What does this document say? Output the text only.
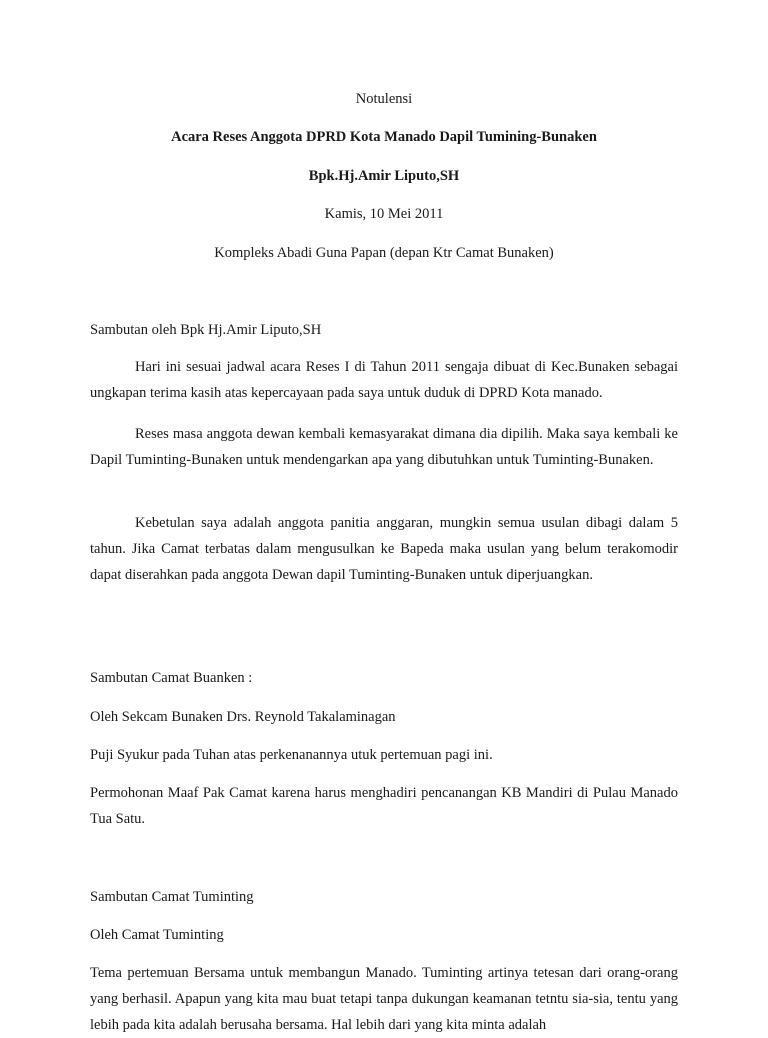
Notulensi
Acara Reses Anggota DPRD Kota Manado Dapil Tumining-Bunaken
Bpk.Hj.Amir Liputo,SH
Kamis, 10 Mei 2011
Kompleks Abadi Guna Papan (depan Ktr Camat Bunaken)
Sambutan oleh Bpk Hj.Amir Liputo,SH

Hari ini sesuai jadwal acara Reses I di Tahun 2011 sengaja dibuat di Kec.Bunaken sebagai ungkapan terima kasih atas kepercayaan pada saya untuk duduk di DPRD Kota manado.

Reses masa anggota dewan kembali kemasyarakat dimana dia dipilih. Maka saya kembali ke Dapil Tuminting-Bunaken untuk mendengarkan apa yang dibutuhkan untuk Tuminting-Bunaken.

Kebetulan saya adalah anggota panitia anggaran, mungkin semua usulan dibagi dalam 5 tahun. Jika Camat terbatas dalam mengusulkan ke Bapeda maka usulan yang belum terakomodir dapat diserahkan pada anggota Dewan dapil Tuminting-Bunaken untuk diperjuangkan.

Sambutan Camat Buanken :
Oleh Sekcam Bunaken Drs. Reynold Takalaminagan
Puji Syukur pada Tuhan atas perkenanannya utuk pertemuan pagi ini.

Permohonan Maaf Pak Camat karena harus menghadiri pencanangan KB Mandiri di Pulau Manado Tua Satu.

Sambutan Camat Tuminting
Oleh Camat Tuminting

Tema pertemuan Bersama untuk membangun Manado. Tuminting artinya tetesan dari orang-orang yang berhasil. Apapun yang kita mau buat tetapi tanpa dukungan keamanan tetntu sia-sia, tentu yang lebih pada kita adalah berusaha bersama. Hal lebih dari yang kita minta adalah
